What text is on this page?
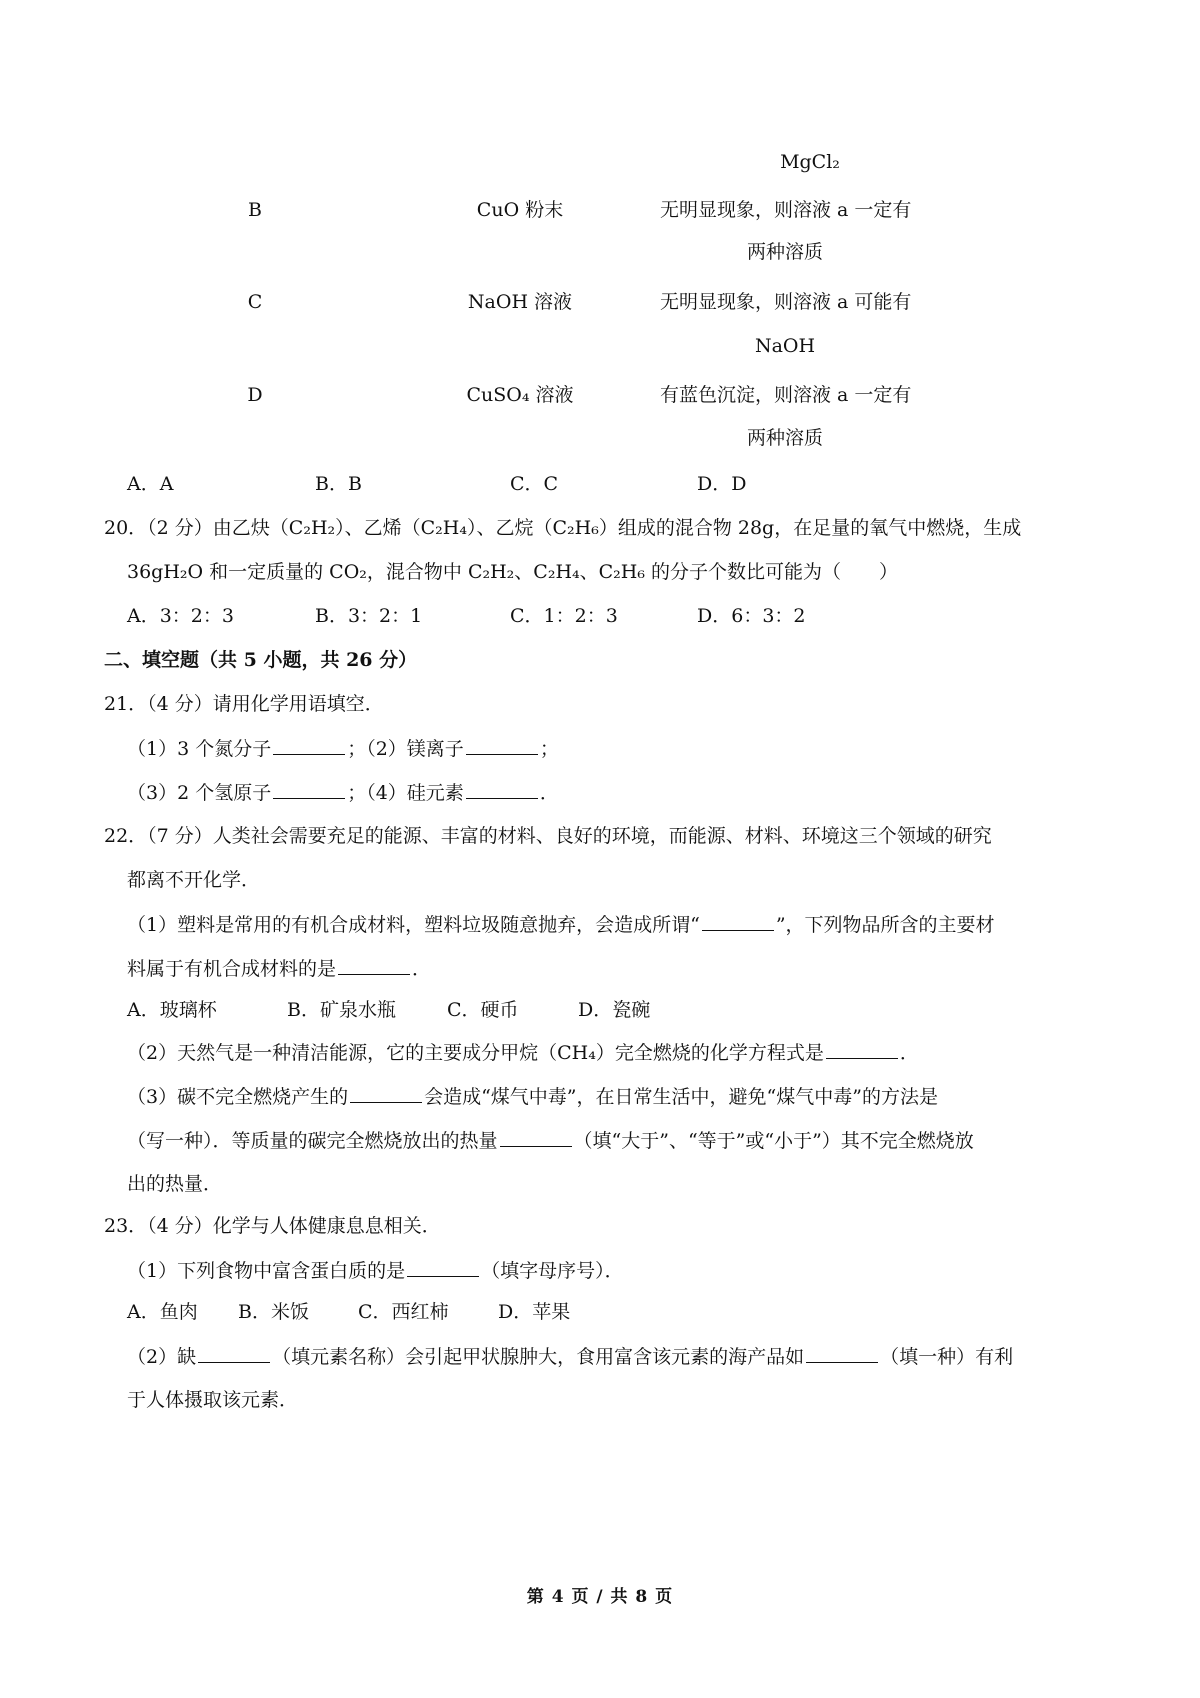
MgCl₂
B	CuO 粉末	无明显现象，则溶液 a 一定有
两种溶质
C	NaOH 溶液	无明显现象，则溶液 a 可能有
NaOH
D	CuSO₄ 溶液	有蓝色沉淀，则溶液 a 一定有
两种溶质
A．A	B．B	C．C	D．D
20．（2 分）由乙炔（C₂H₂）、乙烯（C₂H₄）、乙烷（C₂H₆）组成的混合物 28g，在足量的氧气中燃烧，生成
36gH₂O 和一定质量的 CO₂，混合物中 C₂H₂、C₂H₄、C₂H₆ 的分子个数比可能为（　　）
A．3：2：3	B．3：2：1	C．1：2：3	D．6：3：2
二、填空题（共 5 小题，共 26 分）
21．（4 分）请用化学用语填空．
（1）3 个氮分子	；（2）镁离子	；
（3）2 个氢原子	；（4）硅元素	．
22．（7 分）人类社会需要充足的能源、丰富的材料、良好的环境，而能源、材料、环境这三个领域的研究
都离不开化学．
（1）塑料是常用的有机合成材料，塑料垃圾随意抛弃，会造成所谓“	”，下列物品所含的主要材
料属于有机合成材料的是	．
A．玻璃杯	B．矿泉水瓶	C．硬币	D．瓷碗
（2）天然气是一种清洁能源，它的主要成分甲烷（CH₄）完全燃烧的化学方程式是	．
（3）碳不完全燃烧产生的	会造成“煤气中毒”，在日常生活中，避免“煤气中毒”的方法是
（写一种）．等质量的碳完全燃烧放出的热量	（填“大于”、“等于”或“小于”）其不完全燃烧放
出的热量．
23．（4 分）化学与人体健康息息相关．
（1）下列食物中富含蛋白质的是	（填字母序号）．
A．鱼肉 B．米饭	C．西红柿	D．苹果
（2）缺	（填元素名称）会引起甲状腺肿大，食用富含该元素的海产品如	（填一种）有利
于人体摄取该元素．
第 4 页 / 共 8 页
